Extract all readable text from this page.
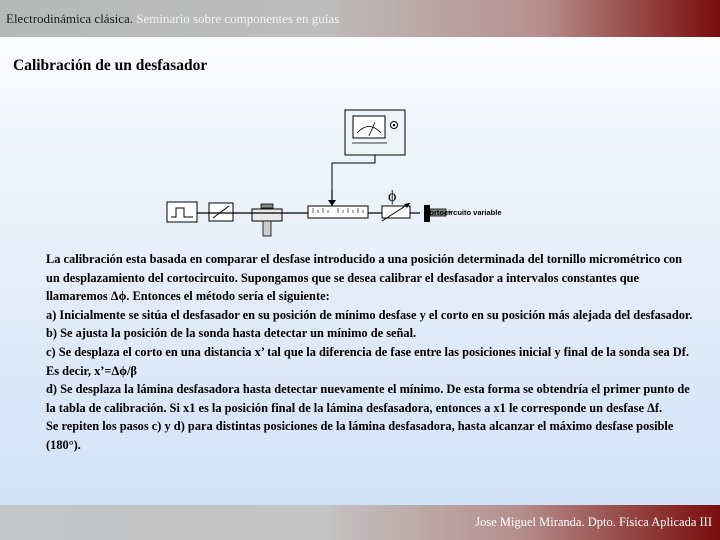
Electrodinámica clásica. Seminario sobre componentes en guías
Calibración de un desfasador
ϕ
Cortocircuito variable

La calibración esta basada en comparar el desfase introducido a una posición determinada del tornillo micrométrico con un desplazamiento del cortocircuito. Supongamos que se desea calibrar el desfasador a intervalos constantes que llamaremos Δϕ. Entonces el método sería el siguiente:

a) Inicialmente se sitúa el desfasador en su posición de mínimo desfase y el corto en su posición más alejada del desfasador.

b) Se ajusta la posición de la sonda hasta detectar un mínimo de señal.

c) Se desplaza el corto en una distancia x’ tal que la diferencia de fase entre las posiciones inicial y final de la sonda sea Df. Es decir, x’=Δϕ/β

d) Se desplaza la lámina desfasadora hasta detectar nuevamente el mínimo. De esta forma se obtendría el primer punto de la tabla de calibración. Si x1 es la posición final de la lámina desfasadora, entonces a x1 le corresponde un desfase Δf.

Se repiten los pasos c) y d) para distintas posiciones de la lámina desfasadora, hasta alcanzar el máximo desfase posible (180°).

Jose Miguel Miranda. Dpto. Física Aplicada III
